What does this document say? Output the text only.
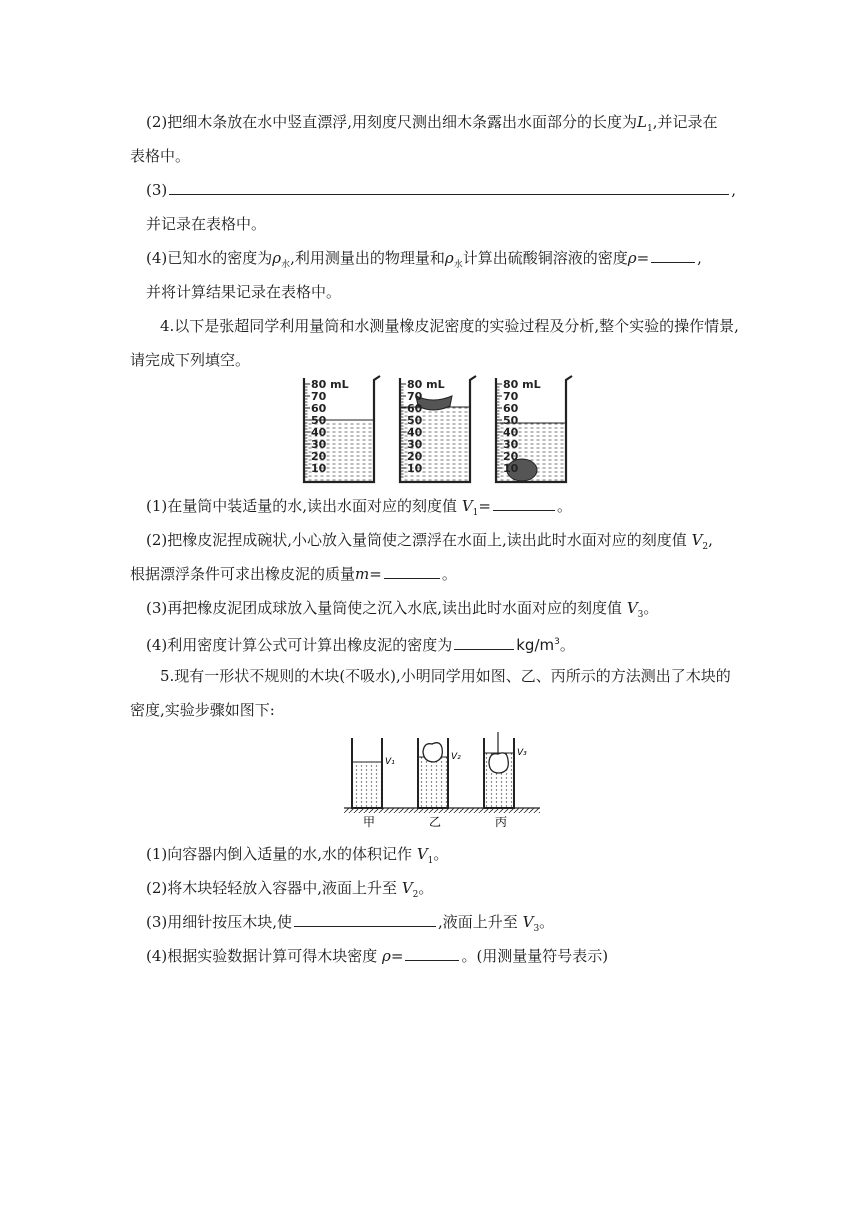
(2)把细木条放在水中竖直漂浮,用刻度尺测出细木条露出水面部分的长度为$L_1$,并记录在
表格中。
(3)	,
并记录在表格中。
(4)已知水的密度为$\rho_水$,利用测量出的物理量和$\rho_水$计算出硫酸铜溶液的密度ρ=	,
并将计算结果记录在表格中。
4.以下是张超同学利用量筒和水测量橡皮泥密度的实验过程及分析,整个实验的操作情景,
请完成下列填空。
80 mL
70
60
50
40
30
20
10
80 mL
70
60
50
40
30
20
10
80 mL
70
60
50
40
30
20
10
(1)在量筒中装适量的水,读出水面对应的刻度值 $V_1=$	。
(2)把橡皮泥捏成碗状,小心放入量筒使之漂浮在水面上,读出此时水面对应的刻度值 $V_2$,
根据漂浮条件可求出橡皮泥的质量m=	。
(3)再把橡皮泥团成球放入量筒使之沉入水底,读出此时水面对应的刻度值 $V_3$。
(4)利用密度计算公式可计算出橡皮泥的密度为	$kg/m^3$。
5.现有一形状不规则的木块(不吸水),小明同学用如图、乙、丙所示的方法测出了木块的
密度,实验步骤如图下:
V₁	V₂	V₃
甲	乙	丙
(1)向容器内倒入适量的水,水的体积记作 $V_1$。
(2)将木块轻轻放入容器中,液面上升至 $V_2$。
(3)用细针按压木块,使	,液面上升至 $V_3$。
(4)根据实验数据计算可得木块密度 ρ=	。(用测量量符号表示)
